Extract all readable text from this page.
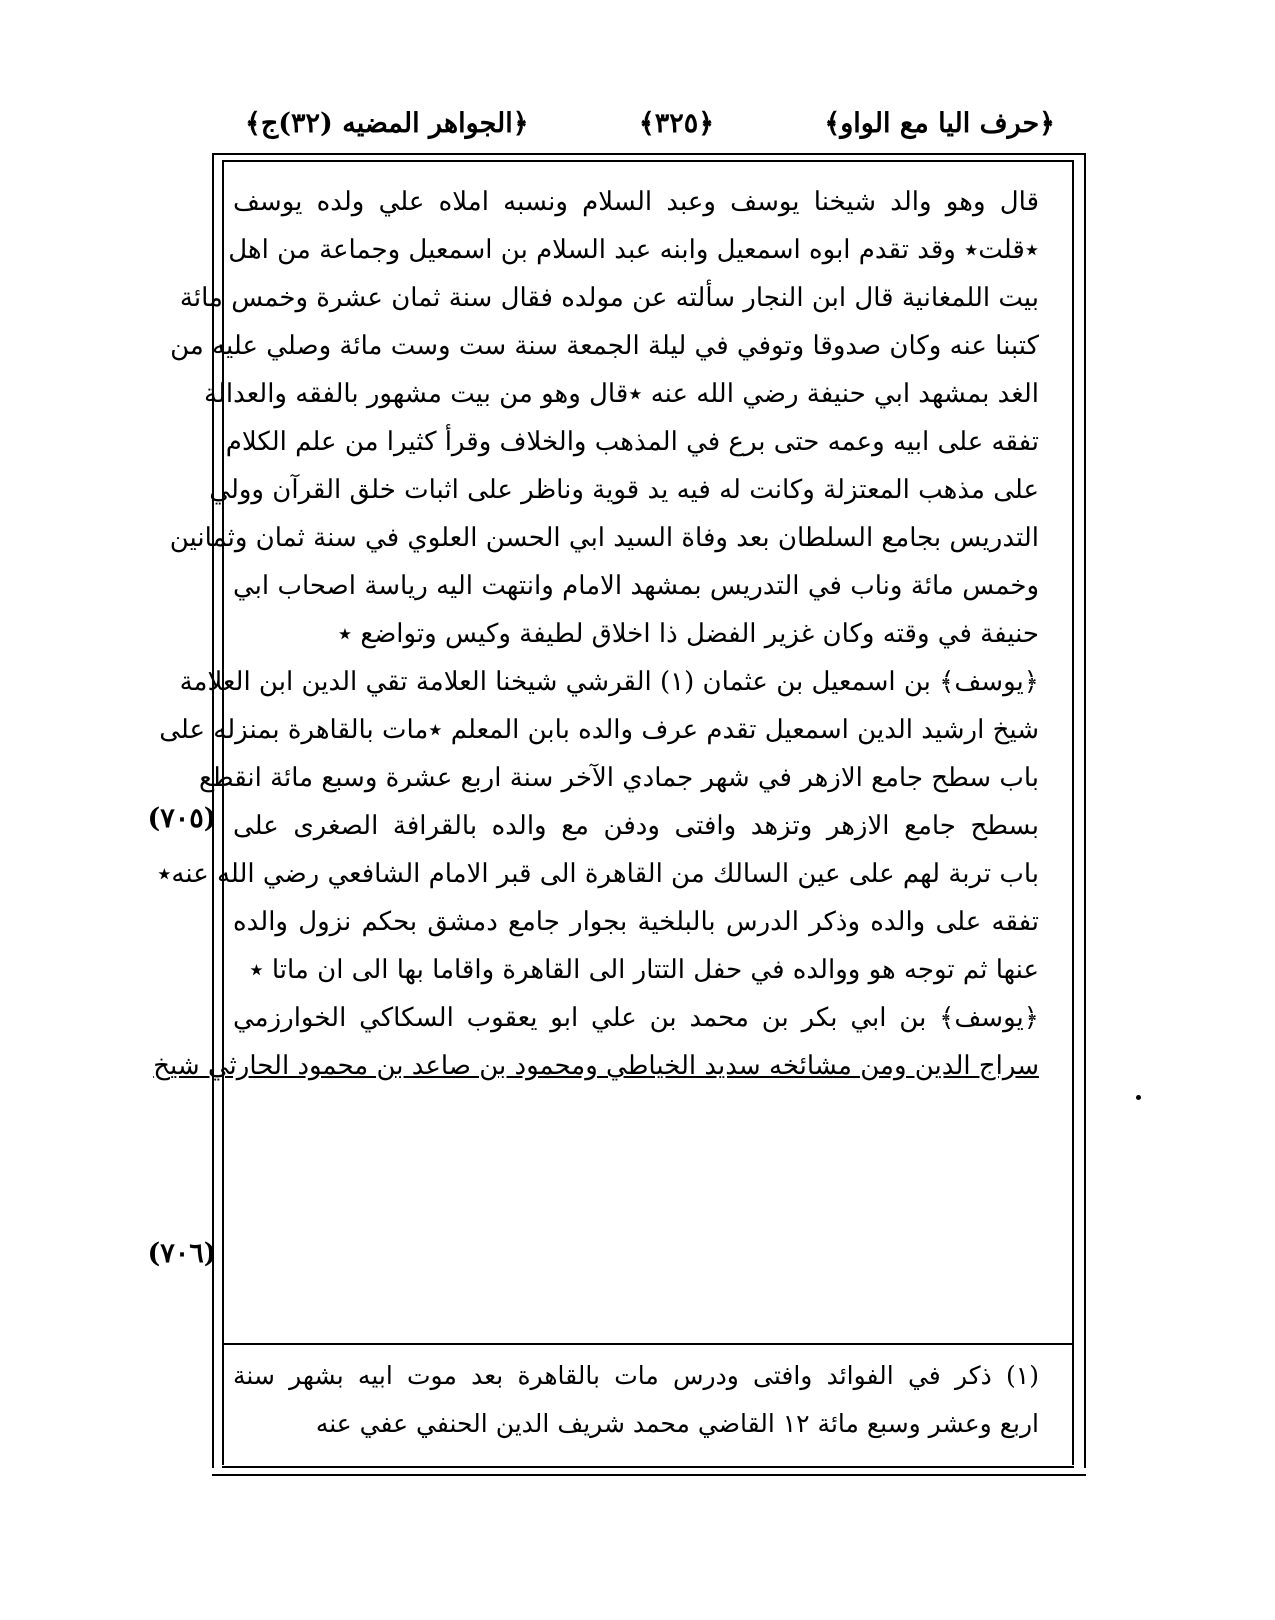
﴿حرف اليا مع الواو﴾
﴿٣٢٥﴾
﴿الجواهر المضيه (٣٢)ج﴾
قال وهو والد شيخنا يوسف وعبد السلام ونسبه املاه علي ولده يوسف
٭قلت٭ وقد تقدم ابوه اسمعيل وابنه عبد السلام بن اسمعيل وجماعة من اهل
بيت اللمغانية قال ابن النجار سألته عن مولده فقال سنة ثمان عشرة وخمس مائة
كتبنا عنه وكان صدوقا وتوفي في ليلة الجمعة سنة ست وست مائة وصلي عليه من
الغد بمشهد ابي حنيفة رضي الله عنه ٭قال وهو من بيت مشهور بالفقه والعدالة
تفقه على ابيه وعمه حتى برع في المذهب والخلاف وقرأ كثيرا من علم الكلام
على مذهب المعتزلة وكانت له فيه يد قوية وناظر على اثبات خلق القرآن وولي
التدريس بجامع السلطان بعد وفاة السيد ابي الحسن العلوي في سنة ثمان وثمانين
وخمس مائة وناب في التدريس بمشهد الامام وانتهت اليه رياسة اصحاب ابي
حنيفة في وقته وكان غزير الفضل ذا اخلاق لطيفة وكيس وتواضع ٭
﴿يوسف﴾ بن اسمعيل بن عثمان (١) القرشي شيخنا العلامة تقي الدين ابن العلامة
شيخ ارشيد الدين اسمعيل تقدم عرف والده بابن المعلم ٭مات بالقاهرة بمنزله على
باب سطح جامع الازهر في شهر جمادي الآخر سنة اربع عشرة وسبع مائة انقطع
بسطح جامع الازهر وتزهد وافتى ودفن مع والده بالقرافة الصغرى على
باب تربة لهم على عين السالك من القاهرة الى قبر الامام الشافعي رضي الله عنه٭
تفقه على والده وذكر الدرس بالبلخية بجوار جامع دمشق بحكم نزول والده
عنها ثم توجه هو ووالده في حفل التتار الى القاهرة واقاما بها الى ان ماتا ٭
﴿يوسف﴾ بن ابي بكر بن محمد بن علي ابو يعقوب السكاكي الخوارزمي
سراج الدين ومن مشائخه سديد الخياطي ومحمود بن صاعد بن محمود الحارثي شيخ
(١) ذكر في الفوائد وافتى ودرس مات بالقاهرة بعد موت ابيه بشهر سنة
اربع وعشر وسبع مائة ١٢ القاضي محمد شريف الدين الحنفي عفي عنه
(٧٠٥)
(٧٠٦)
